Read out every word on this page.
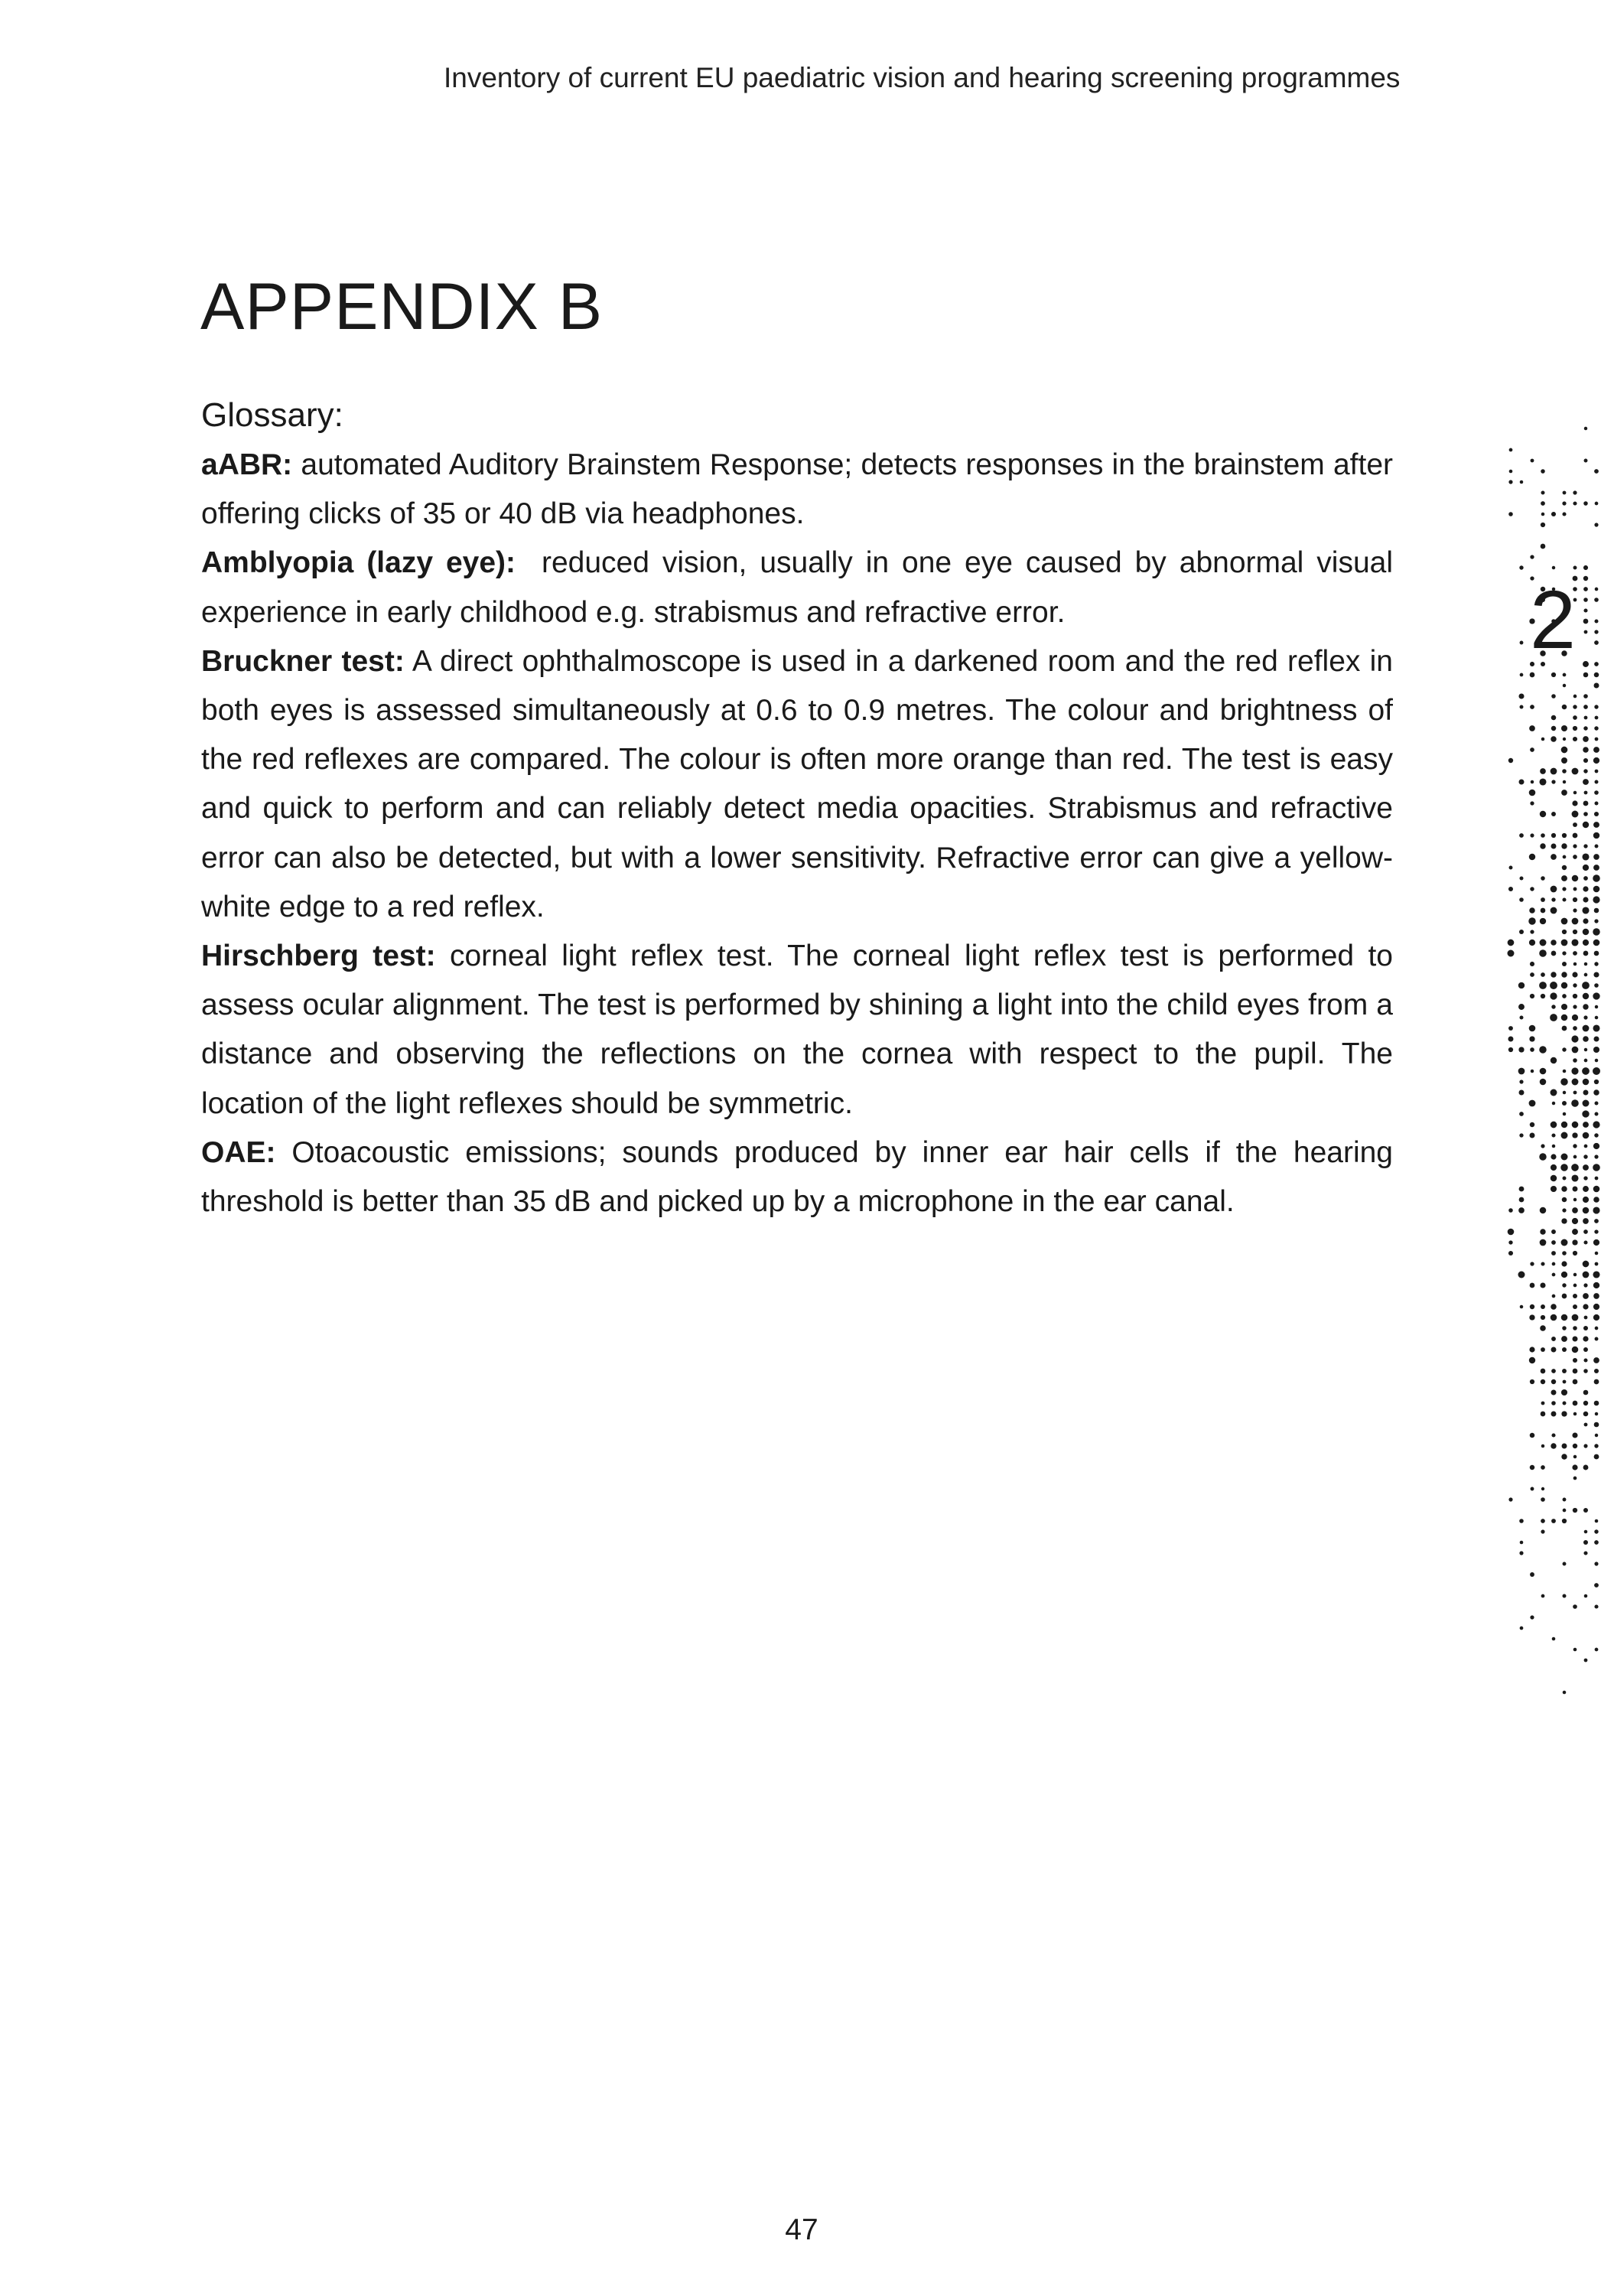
Inventory of current EU paediatric vision and hearing screening programmes
APPENDIX B
Glossary:

aABR: automated Auditory Brainstem Response; detects responses in the brainstem after offering clicks of 35 or 40 dB via headphones.

Amblyopia (lazy eye): reduced vision, usually in one eye caused by abnormal visual experience in early childhood e.g. strabismus and refractive error.

Bruckner test: A direct ophthalmoscope is used in a darkened room and the red reflex in both eyes is assessed simultaneously at 0.6 to 0.9 metres. The colour and brightness of the red reflexes are compared. The colour is often more orange than red. The test is easy and quick to perform and can reliably detect media opacities. Strabismus and refractive error can also be detected, but with a lower sensitivity. Refractive error can give a yellow-white edge to a red reflex.

Hirschberg test: corneal light reflex test. The corneal light reflex test is performed to assess ocular alignment. The test is performed by shining a light into the child eyes from a distance and observing the reflections on the cornea with respect to the pupil. The location of the light reflexes should be symmetric.

OAE: Otoacoustic emissions; sounds produced by inner ear hair cells if the hearing threshold is better than 35 dB and picked up by a microphone in the ear canal.

2
47
